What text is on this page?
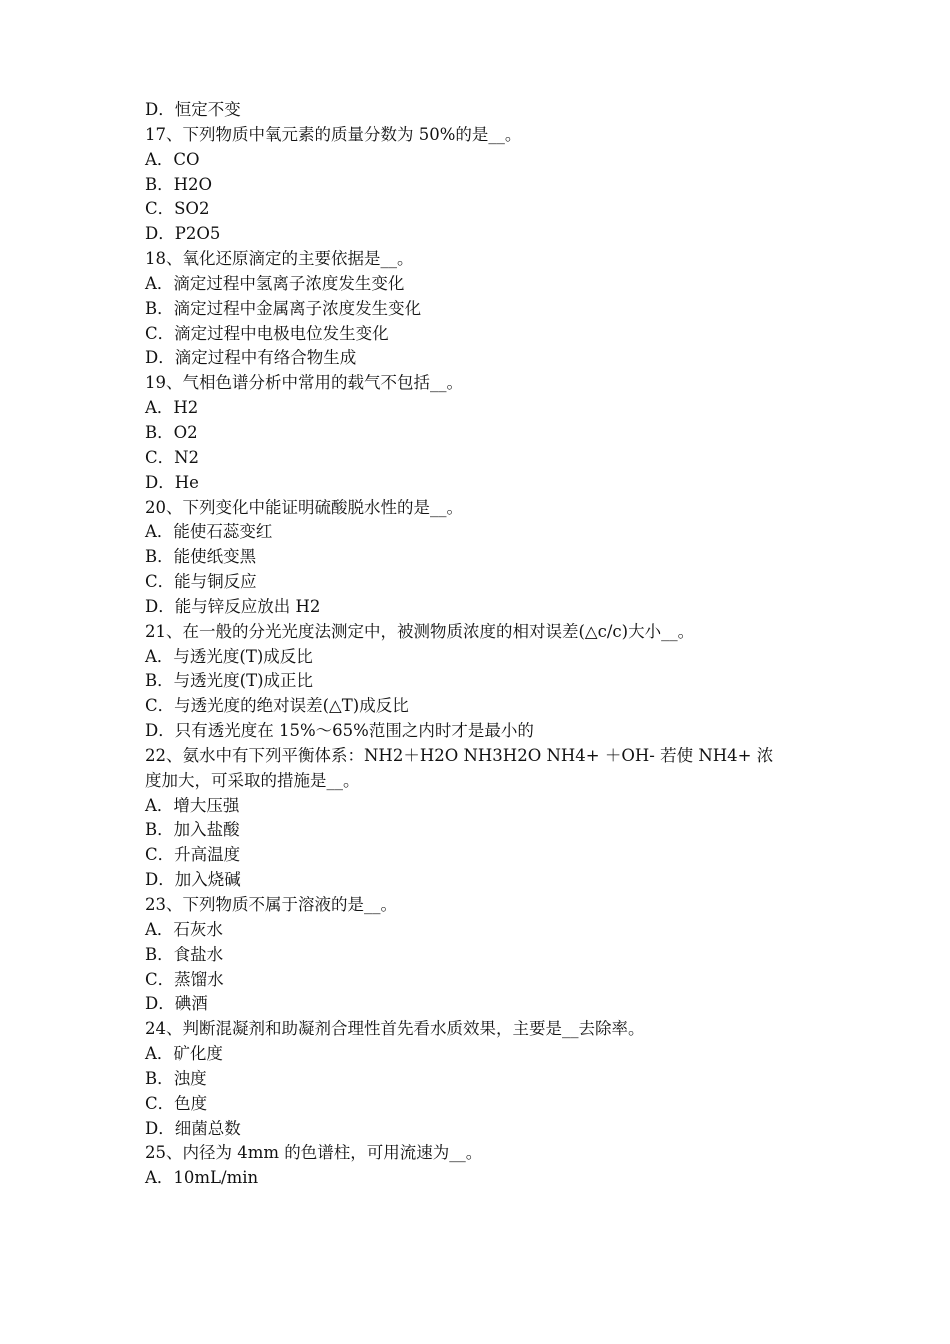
D．恒定不变
17、下列物质中氧元素的质量分数为 50%的是__。
A．CO
B．H2O
C．SO2
D．P2O5
18、氧化还原滴定的主要依据是__。
A．滴定过程中氢离子浓度发生变化
B．滴定过程中金属离子浓度发生变化
C．滴定过程中电极电位发生变化
D．滴定过程中有络合物生成
19、气相色谱分析中常用的载气不包括__。
A．H2
B．O2
C．N2
D．He
20、下列变化中能证明硫酸脱水性的是__。
A．能使石蕊变红
B．能使纸变黑
C．能与铜反应
D．能与锌反应放出 H2
21、在一般的分光光度法测定中，被测物质浓度的相对误差(△c/c)大小__。
A．与透光度(T)成反比
B．与透光度(T)成正比
C．与透光度的绝对误差(△T)成反比
D．只有透光度在 15%～65%范围之内时才是最小的
22、氨水中有下列平衡体系：NH2＋H2O NH3H2O NH4+ ＋OH- 若使 NH4+ 浓
度加大，可采取的措施是__。
A．增大压强
B．加入盐酸
C．升高温度
D．加入烧碱
23、下列物质不属于溶液的是__。
A．石灰水
B．食盐水
C．蒸馏水
D．碘酒
24、判断混凝剂和助凝剂合理性首先看水质效果，主要是__去除率。
A．矿化度
B．浊度
C．色度
D．细菌总数
25、内径为 4mm 的色谱柱，可用流速为__。
A．10mL/min
